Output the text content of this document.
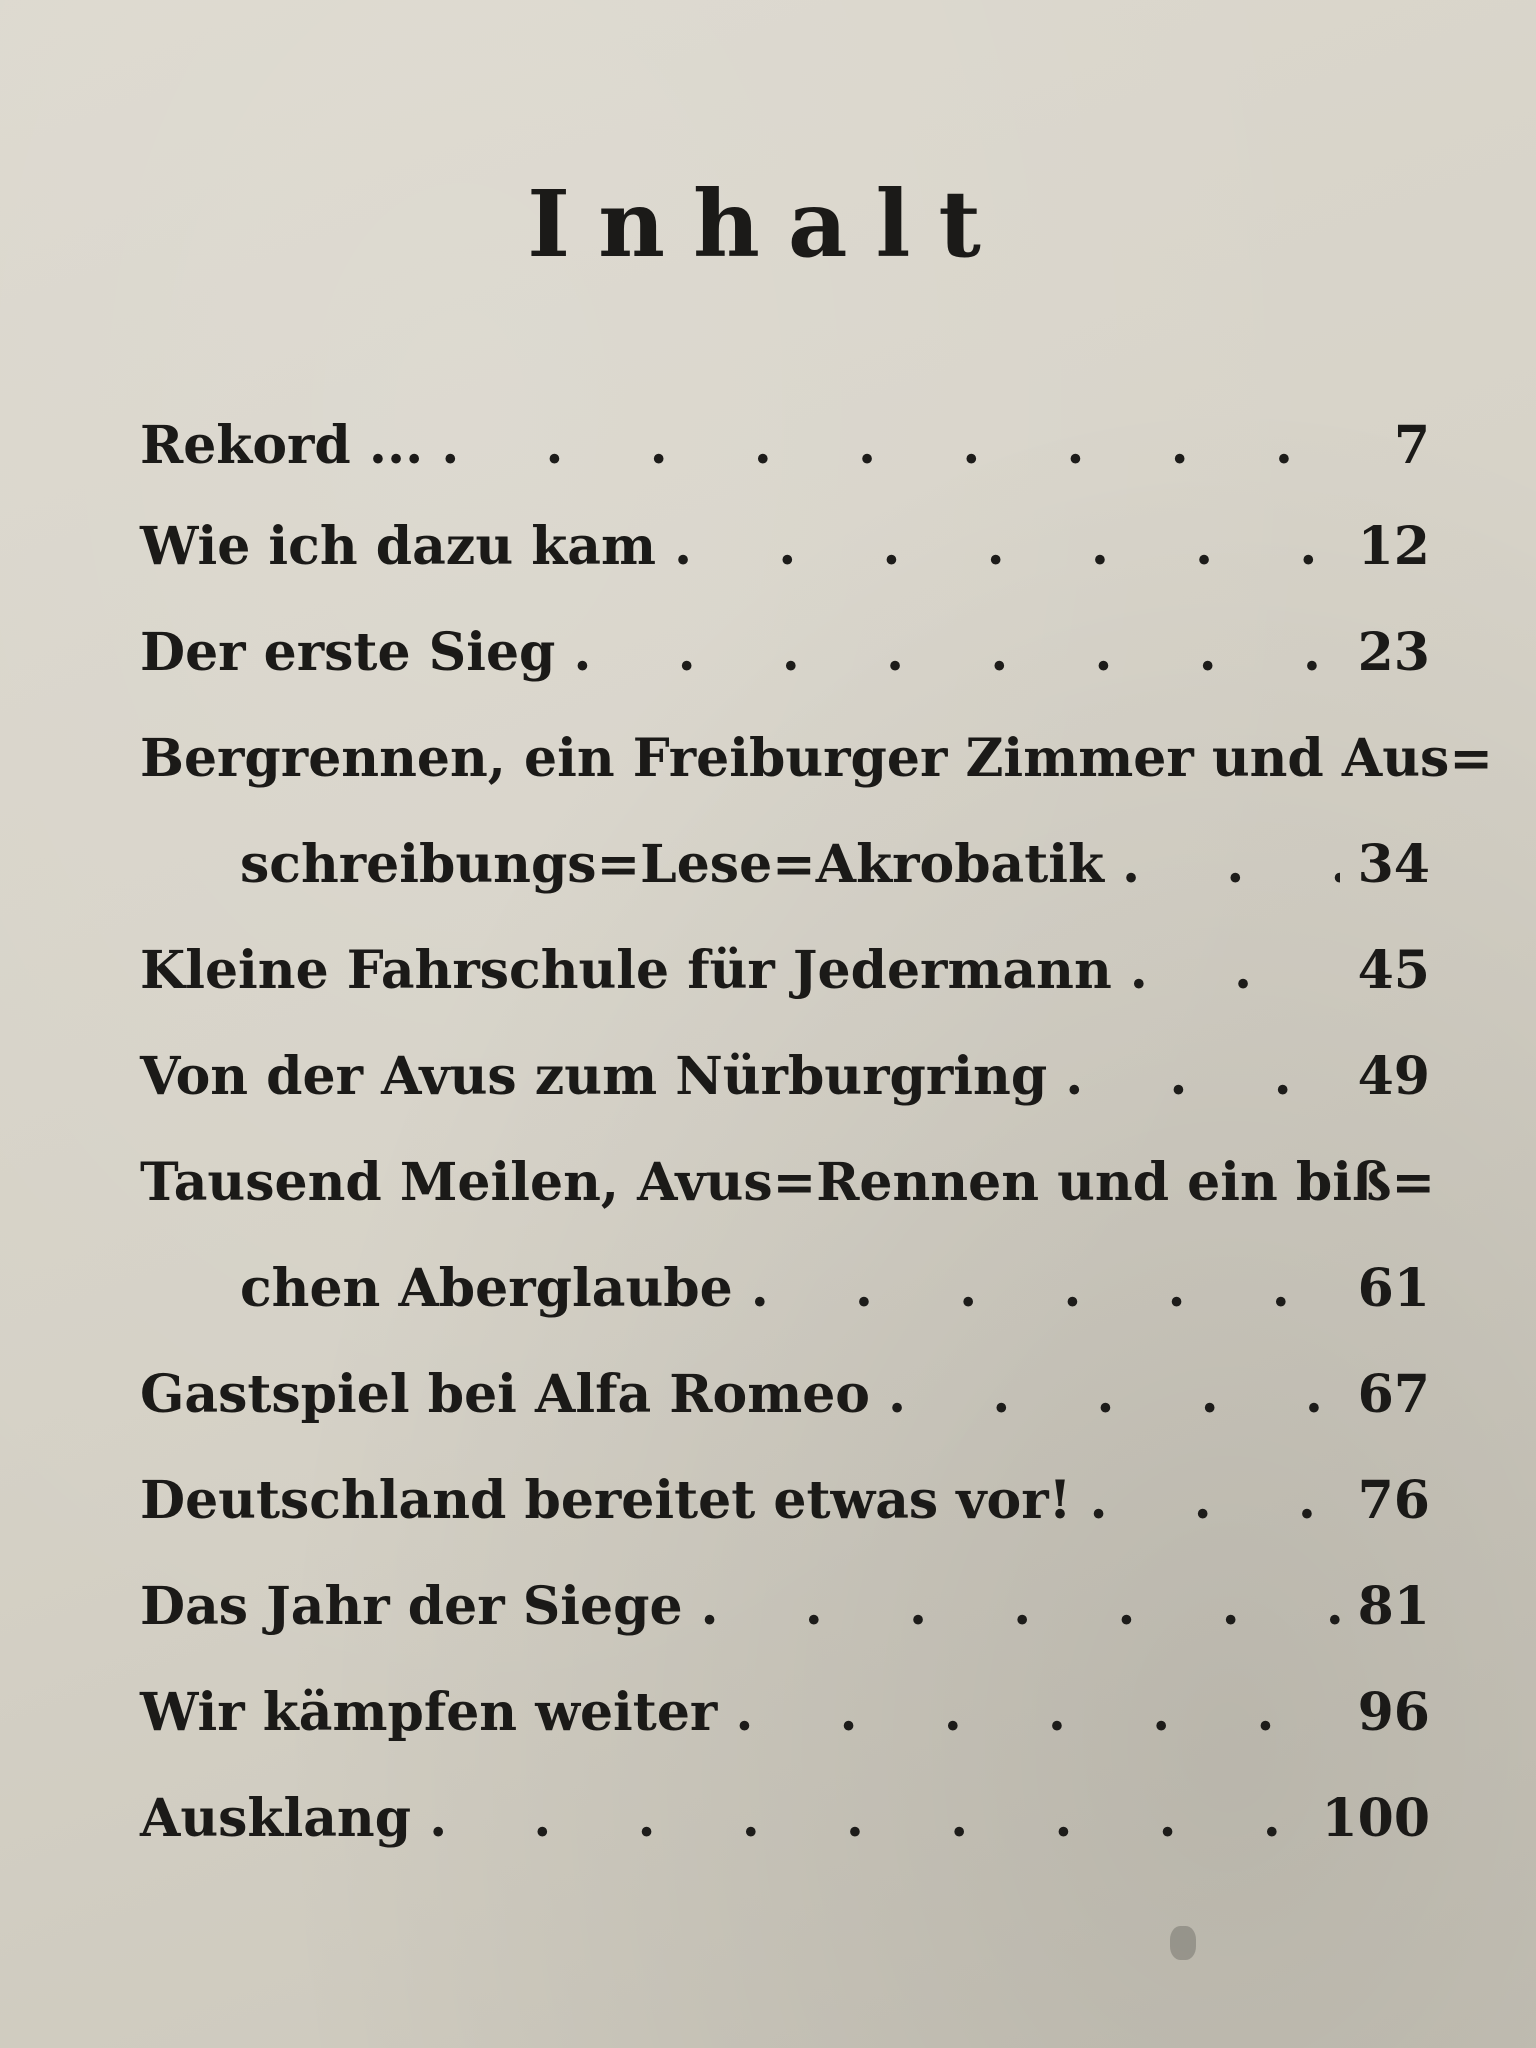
Inhalt
Rekord ... . . .	7
Wie ich dazu kam . . .	12
Der erste Sieg . . .	23
Bergrennen, ein Freiburger Zimmer und Aus=
schreibungs=Lese=Akrobatik . . .	34
Kleine Fahrschule für Jedermann . . .	45
Von der Avus zum Nürburgring . . .	49
Tausend Meilen, Avus=Rennen und ein biß=
chen Aberglaube . . .	61
Gastspiel bei Alfa Romeo . . .	67
Deutschland bereitet etwas vor! . . .	76
Das Jahr der Siege . . .	81
Wir kämpfen weiter . . .	96
Ausklang . . .	100
